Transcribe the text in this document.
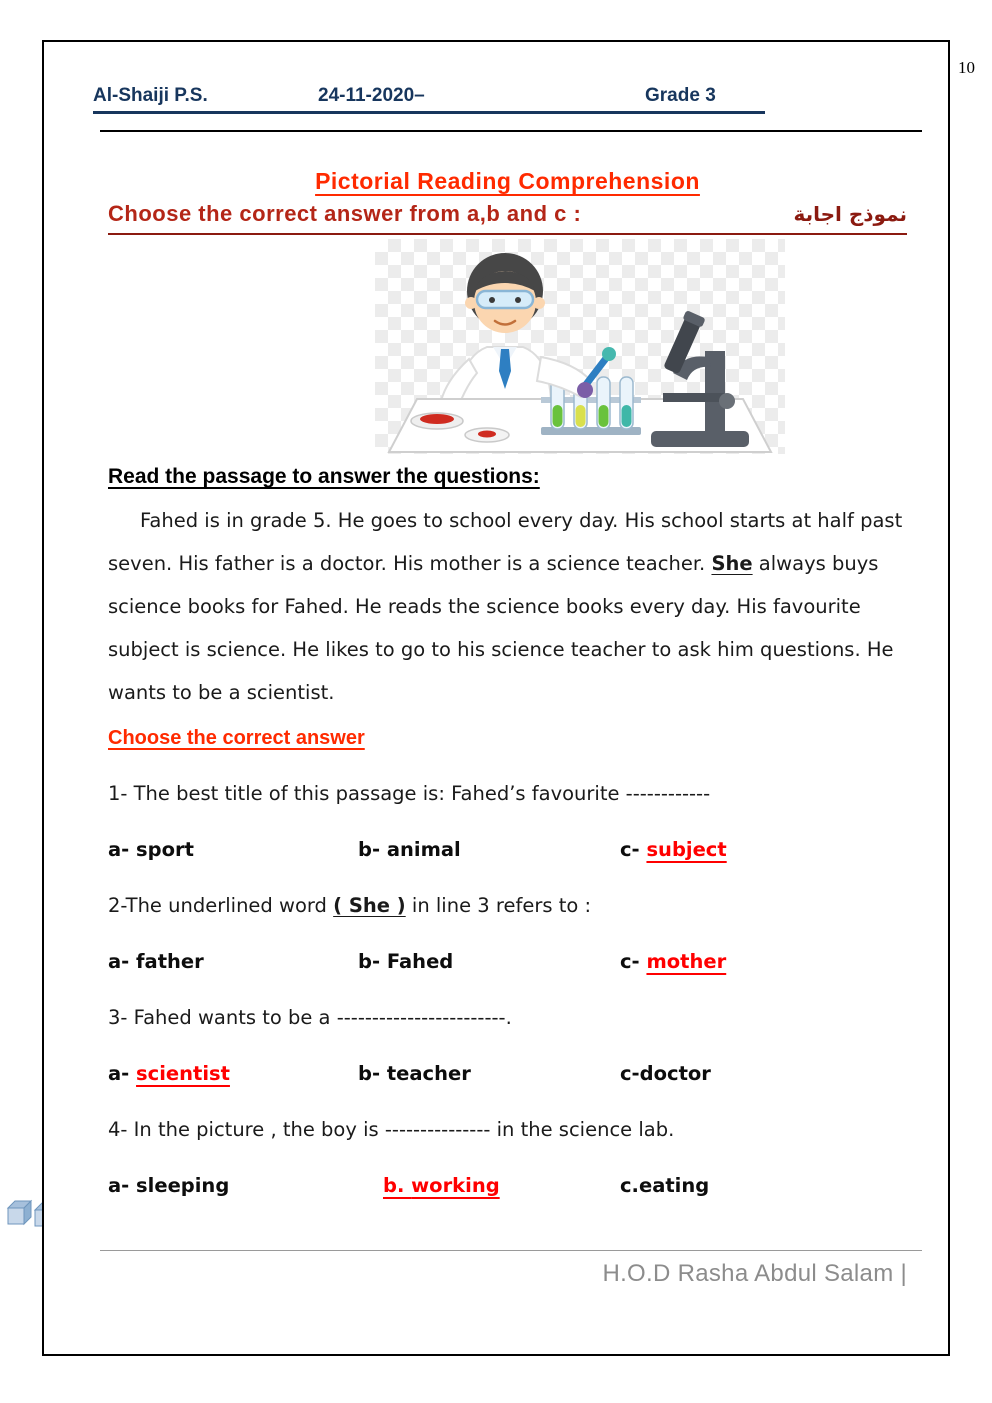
10
Al-Shaiji P.S.	24-11-2020–	Grade 3
Pictorial Reading Comprehension
Choose the correct answer from a,b and c :	نموذج اجابة
Read the passage to answer the questions:

Fahed is in grade 5. He goes to school every day. His school starts at half past seven. His father is a doctor. His mother is a science teacher. She always buys science books for Fahed. He reads the science books every day. His favourite subject is science. He likes to go to his science teacher to ask him questions. He wants to be a scientist.

Choose the correct answer

1- The best title of this passage is: Fahed’s favourite ------------

a- sport	b- animal	c- subject

2-The underlined word ( She ) in line 3 refers to :

a- father	b- Fahed	c- mother

3- Fahed wants to be a ------------------------.

a- scientist	b- teacher	c-doctor

4- In the picture , the boy is --------------- in the science lab.

a- sleeping	b. working	c.eating
H.O.D Rasha Abdul Salam |
